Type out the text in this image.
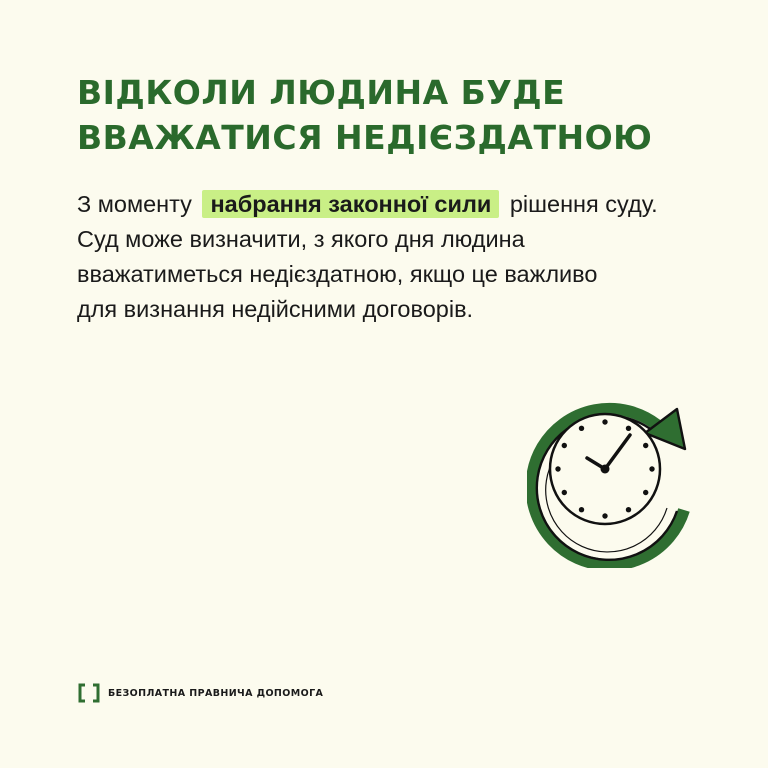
ВІДКОЛИ ЛЮДИНА БУДЕ
ВВАЖАТИСЯ НЕДІЄЗДАТНОЮ
З моменту набрання законної сили рішення суду.
Суд може визначити, з якого дня людина
вважатиметься недієздатною, якщо це важливо
для визнання недійсними договорів.
БЕЗОПЛАТНА ПРАВНИЧА ДОПОМОГА
